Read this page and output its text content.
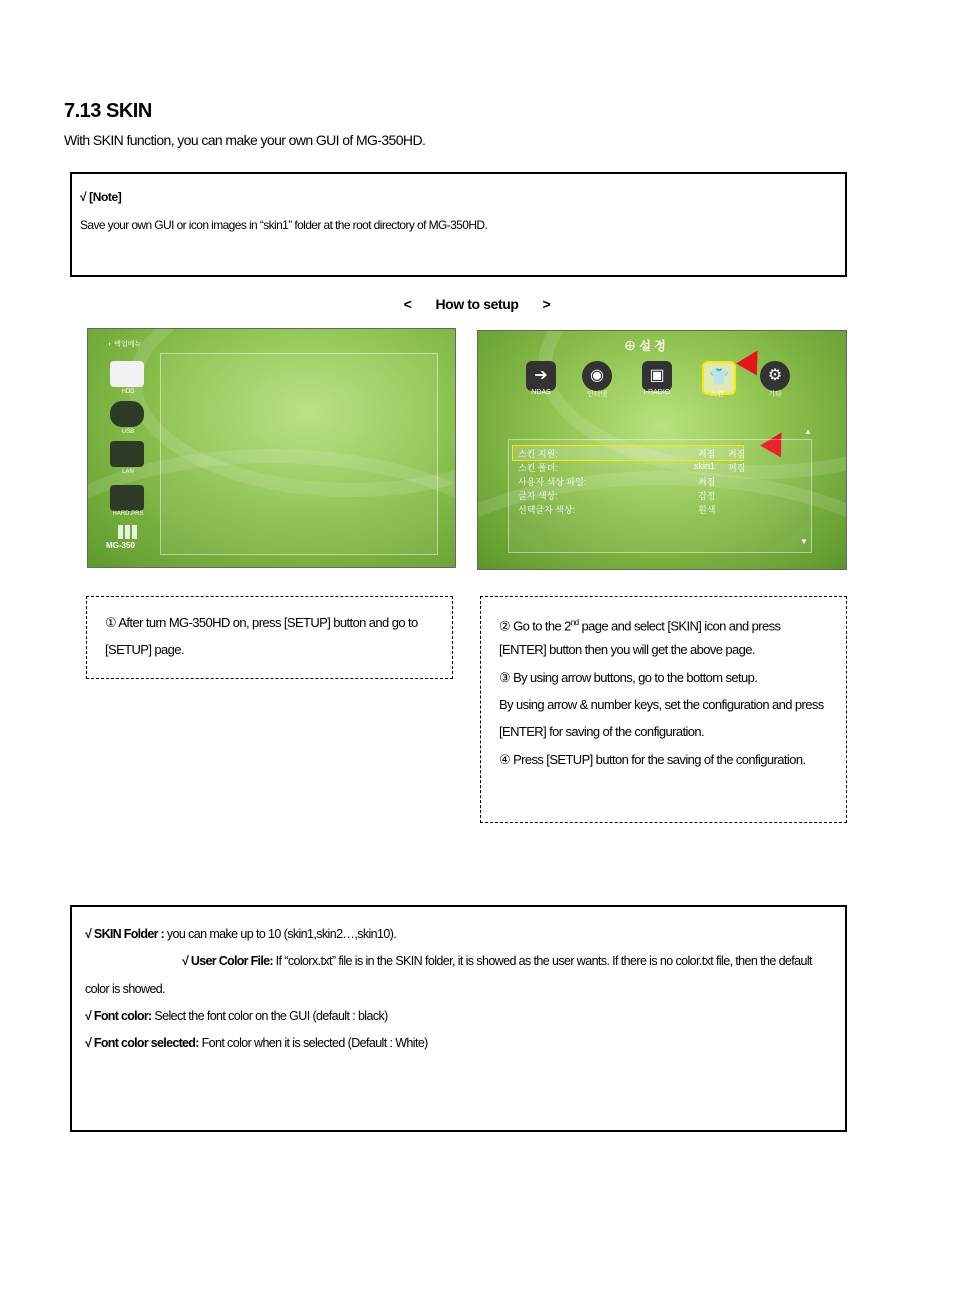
7.13 SKIN
With SKIN function, you can make your own GUI of MG-350HD.
√ [Note]
Save your own GUI or icon images in “skin1” folder at the root directory of MG-350HD.
< How to setup >
◐ 백업메뉴
HDD
USB
LAN
HARD.PRS
MG-350
⊕ 설 정
➔
NDAS
◉
인터넷
▣
I-RADIO
👕
스킨
⚙
기타
▲
스킨 지원:	켜짐 켜짐
스킨 폴더:	skin1 꺼짐
사용자 색상 파일:	켜짐
글자 색상:	검정
선택글자 색상:	흰색
▼
① After turn MG-350HD on, press [SETUP] button and go to
[SETUP] page.
② Go to the 2nd page and select [SKIN] icon and press
[ENTER] button then you will get the above page.
③ By using arrow buttons, go to the bottom setup.
By using arrow & number keys, set the configuration and press
[ENTER] for saving of the configuration.
④ Press [SETUP] button for the saving of the configuration.
√ SKIN Folder : you can make up to 10 (skin1,skin2…,skin10).
√ User Color File: If “colorx.txt” file is in the SKIN folder, it is showed as the user wants. If there is no color.txt file, then the default
color is showed.
√ Font color: Select the font color on the GUI (default : black)
√ Font color selected: Font color when it is selected (Default : White)
